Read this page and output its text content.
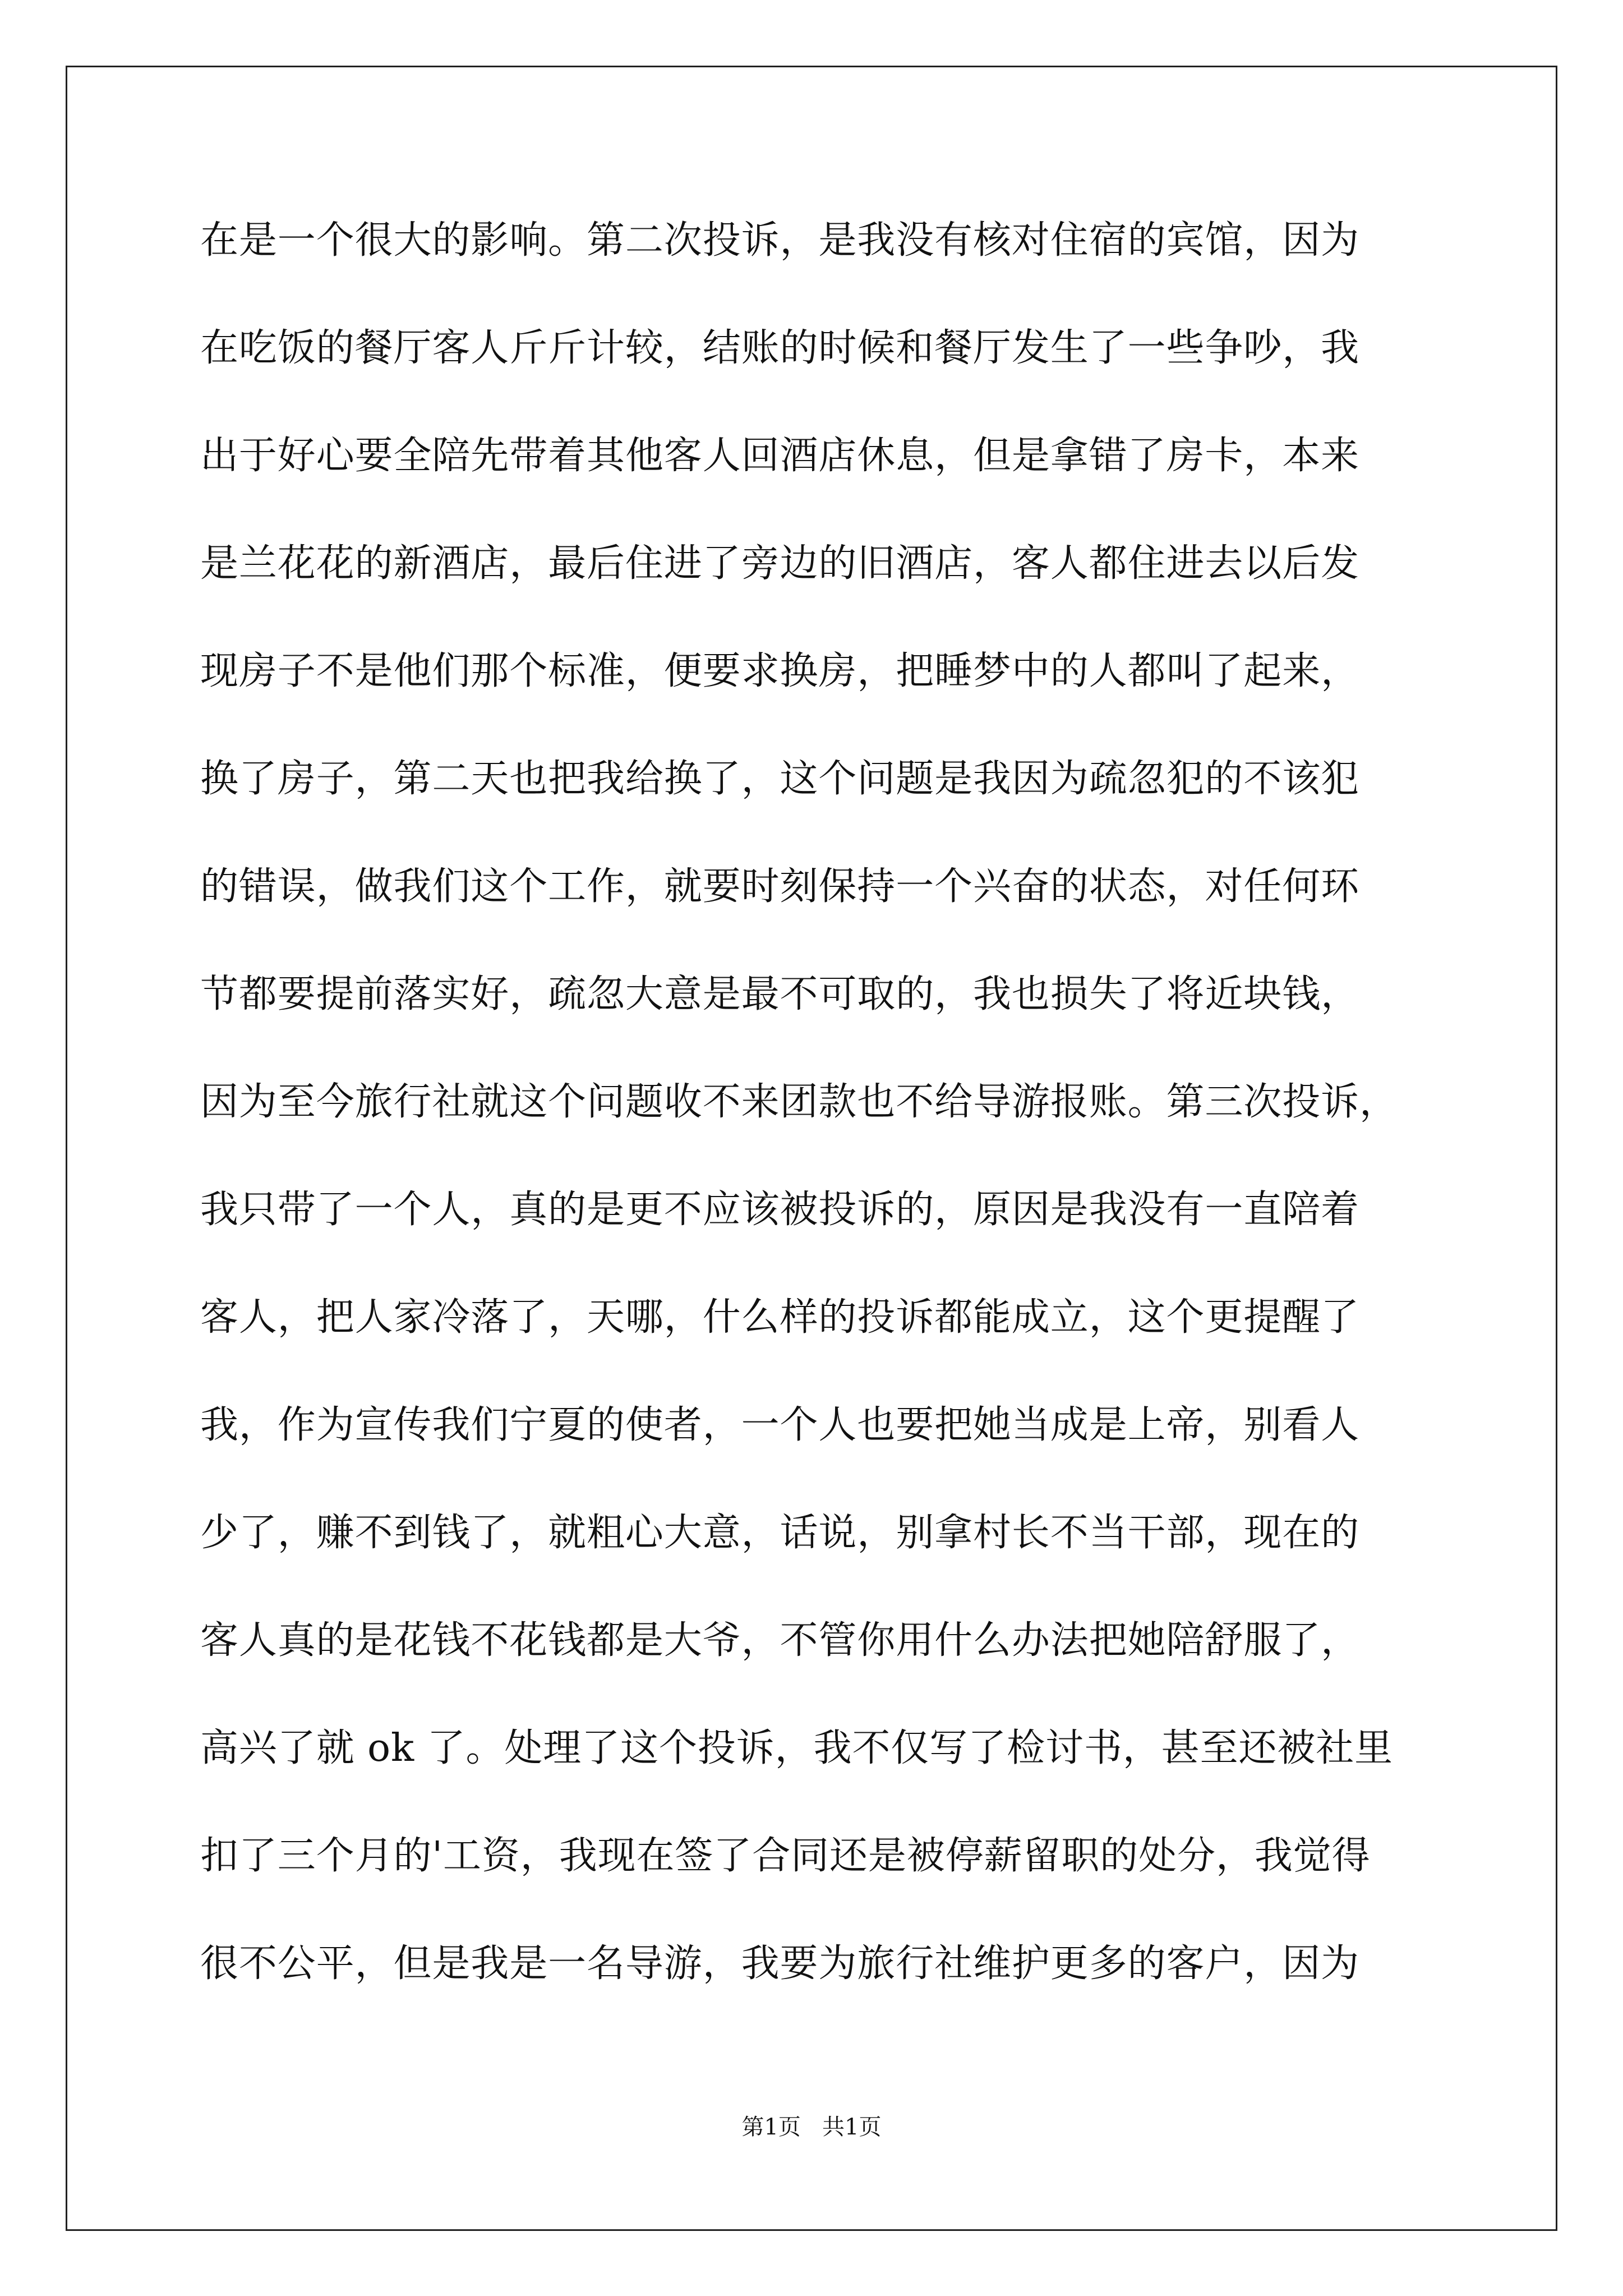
在是一个很大的影响。第二次投诉，是我没有核对住宿的宾馆，因为
在吃饭的餐厅客人斤斤计较，结账的时候和餐厅发生了一些争吵，我
出于好心要全陪先带着其他客人回酒店休息，但是拿错了房卡，本来
是兰花花的新酒店，最后住进了旁边的旧酒店，客人都住进去以后发
现房子不是他们那个标准，便要求换房，把睡梦中的人都叫了起来，
换了房子，第二天也把我给换了，这个问题是我因为疏忽犯的不该犯
的错误，做我们这个工作，就要时刻保持一个兴奋的状态，对任何环
节都要提前落实好，疏忽大意是最不可取的，我也损失了将近块钱，
因为至今旅行社就这个问题收不来团款也不给导游报账。第三次投诉，
我只带了一个人，真的是更不应该被投诉的，原因是我没有一直陪着
客人，把人家冷落了，天哪，什么样的投诉都能成立，这个更提醒了
我，作为宣传我们宁夏的使者，一个人也要把她当成是上帝，别看人
少了，赚不到钱了，就粗心大意，话说，别拿村长不当干部，现在的
客人真的是花钱不花钱都是大爷，不管你用什么办法把她陪舒服了，
高兴了就 ok 了。处理了这个投诉，我不仅写了检讨书，甚至还被社里
扣了三个月的'工资，我现在签了合同还是被停薪留职的处分，我觉得
很不公平，但是我是一名导游，我要为旅行社维护更多的客户，因为
第1页   共1页
